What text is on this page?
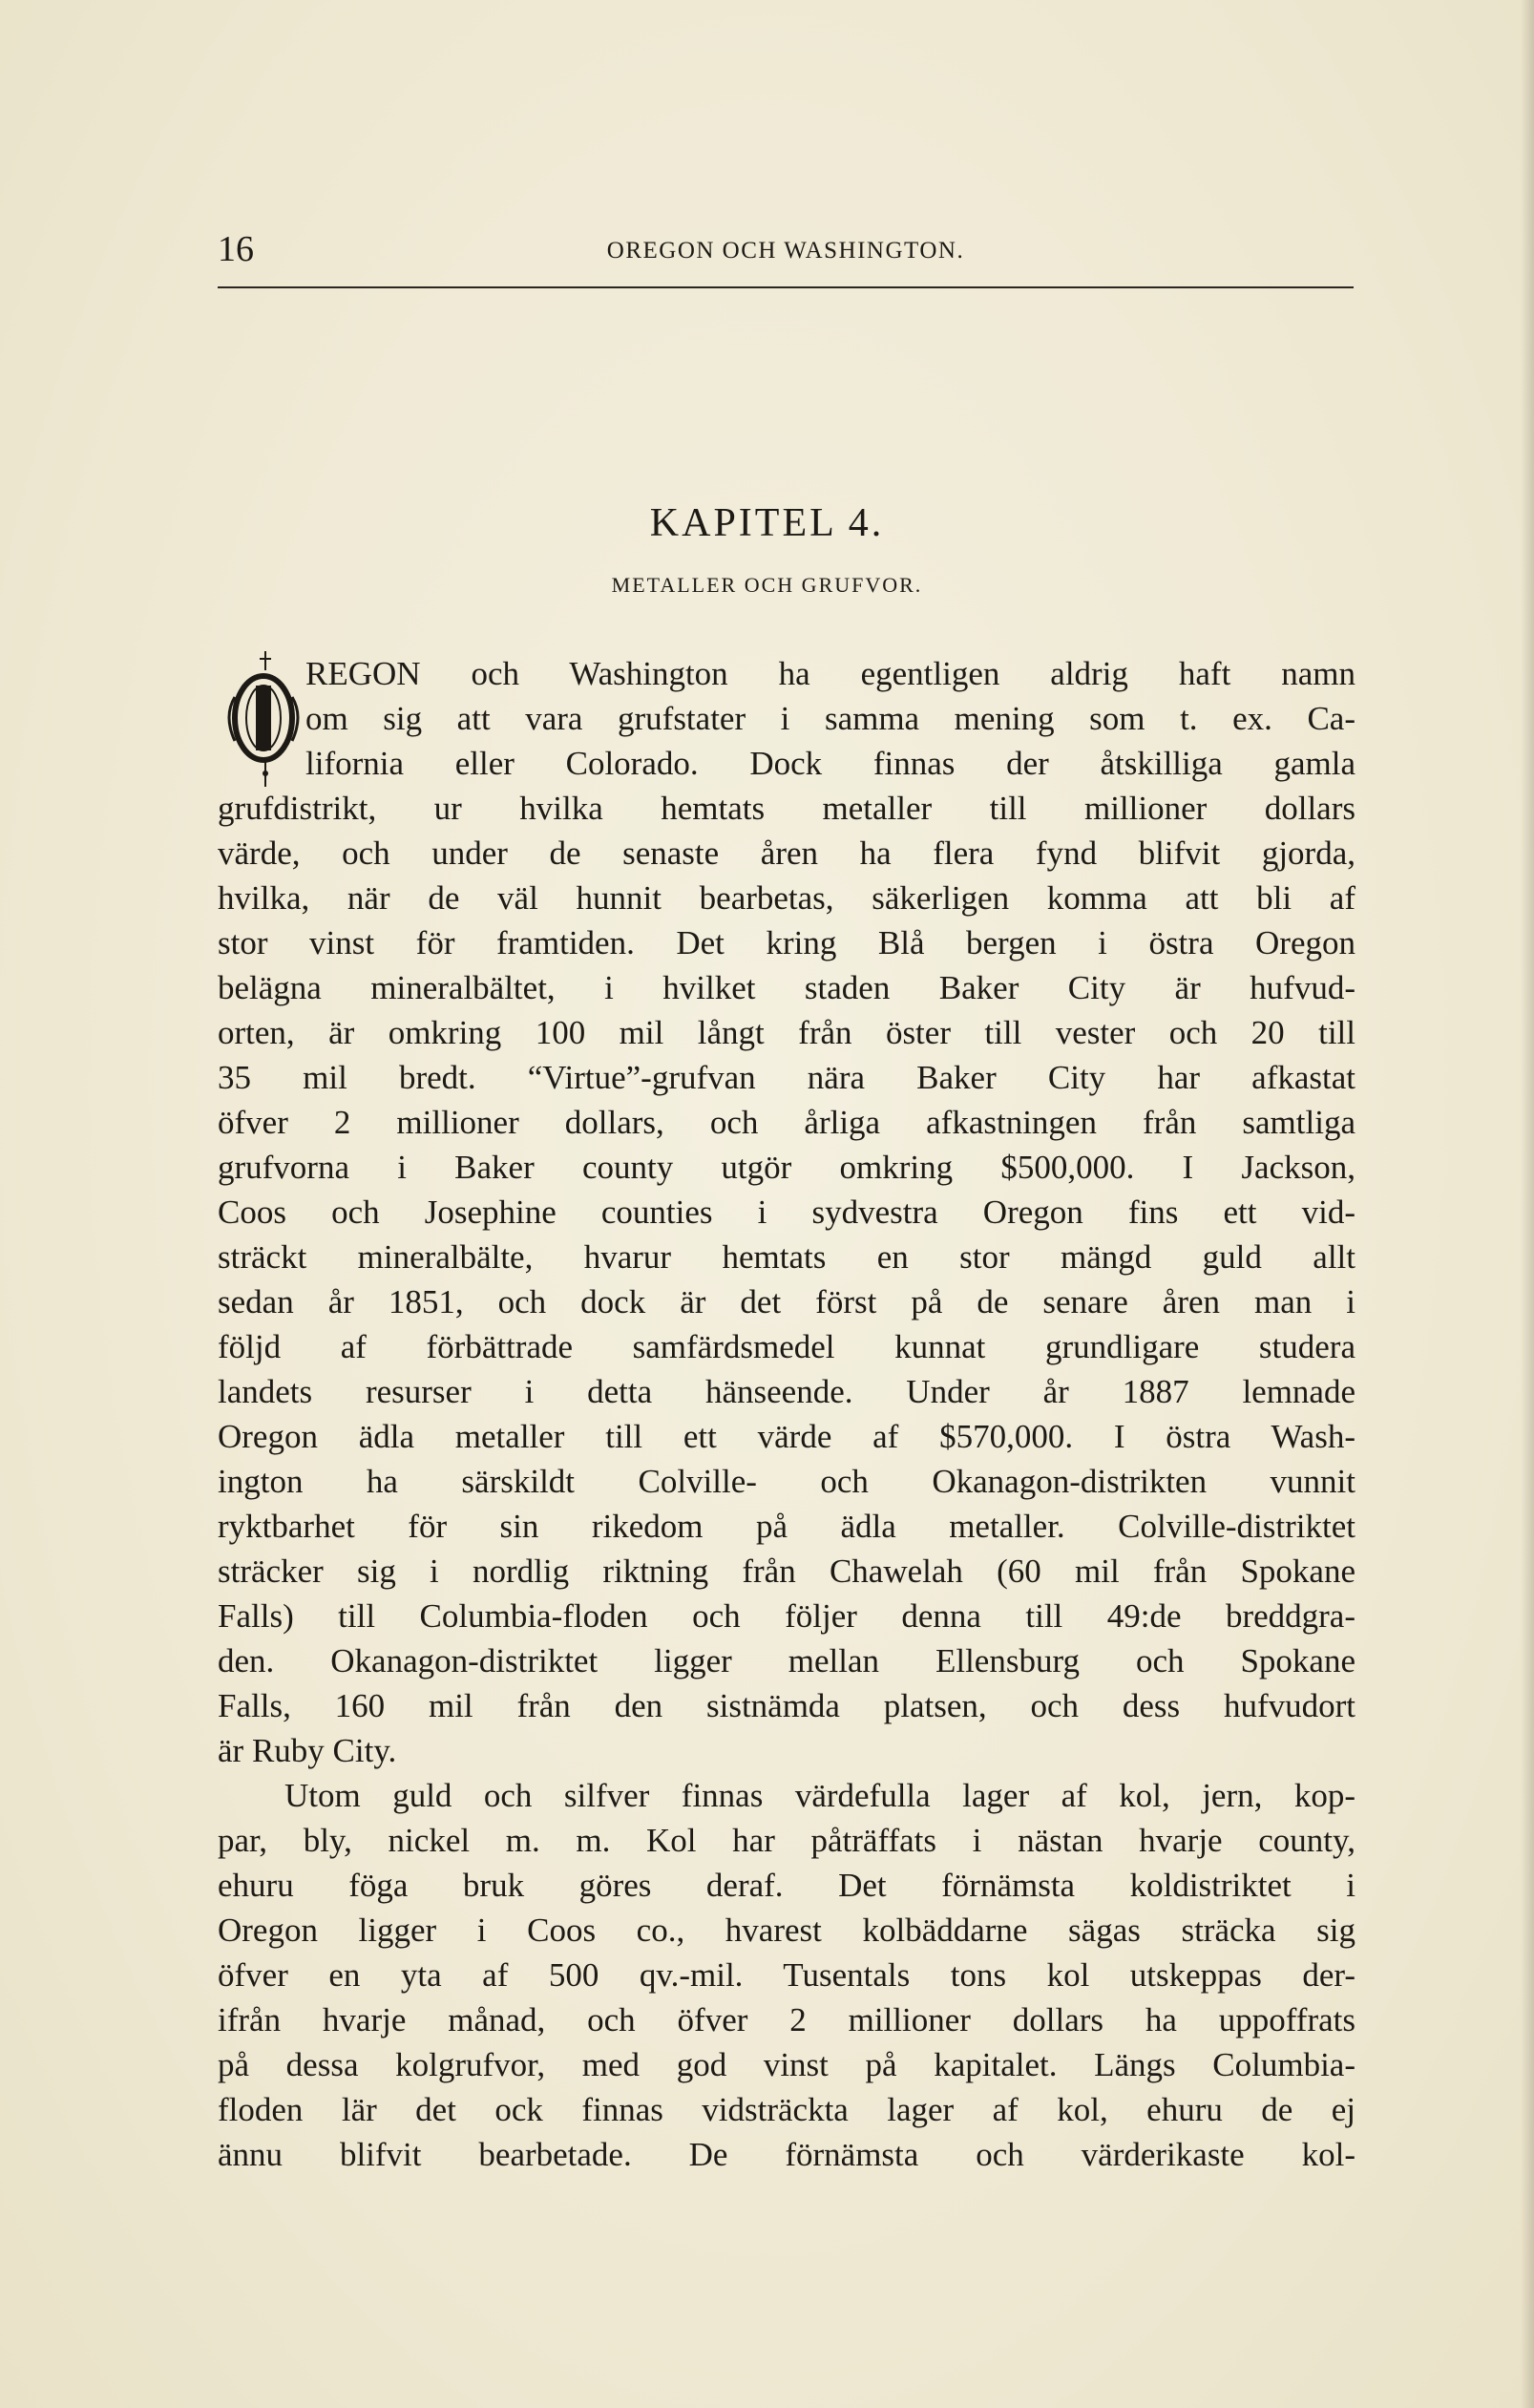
16	OREGON OCH WASHINGTON.
KAPITEL 4.
METALLER OCH GRUFVOR.
REGON och Washington ha egentligen aldrig haft namn
om sig att vara grufstater i samma mening som t. ex. Ca-
lifornia eller Colorado. Dock finnas der åtskilliga gamla
grufdistrikt, ur hvilka hemtats metaller till millioner dollars
värde, och under de senaste åren ha flera fynd blifvit gjorda,
hvilka, när de väl hunnit bearbetas, säkerligen komma att bli af
stor vinst för framtiden. Det kring Blå bergen i östra Oregon
belägna mineralbältet, i hvilket staden Baker City är hufvud-
orten, är omkring 100 mil långt från öster till vester och 20 till
35 mil bredt. “Virtue”-grufvan nära Baker City har afkastat
öfver 2 millioner dollars, och årliga afkastningen från samtliga
grufvorna i Baker county utgör omkring $500,000. I Jackson,
Coos och Josephine counties i sydvestra Oregon fins ett vid-
sträckt mineralbälte, hvarur hemtats en stor mängd guld allt
sedan år 1851, och dock är det först på de senare åren man i
följd af förbättrade samfärdsmedel kunnat grundligare studera
landets resurser i detta hänseende. Under år 1887 lemnade
Oregon ädla metaller till ett värde af $570,000. I östra Wash-
ington ha särskildt Colville- och Okanagon-distrikten vunnit
ryktbarhet för sin rikedom på ädla metaller. Colville-distriktet
sträcker sig i nordlig riktning från Chawelah (60 mil från Spokane
Falls) till Columbia-floden och följer denna till 49:de breddgra-
den. Okanagon-distriktet ligger mellan Ellensburg och Spokane
Falls, 160 mil från den sistnämda platsen, och dess hufvudort
är Ruby City.
Utom guld och silfver finnas värdefulla lager af kol, jern, kop-
par, bly, nickel m. m. Kol har påträffats i nästan hvarje county,
ehuru föga bruk göres deraf. Det förnämsta koldistriktet i
Oregon ligger i Coos co., hvarest kolbäddarne sägas sträcka sig
öfver en yta af 500 qv.-mil. Tusentals tons kol utskeppas der-
ifrån hvarje månad, och öfver 2 millioner dollars ha uppoffrats
på dessa kolgrufvor, med god vinst på kapitalet. Längs Columbia-
floden lär det ock finnas vidsträckta lager af kol, ehuru de ej
ännu blifvit bearbetade. De förnämsta och värderikaste kol-
